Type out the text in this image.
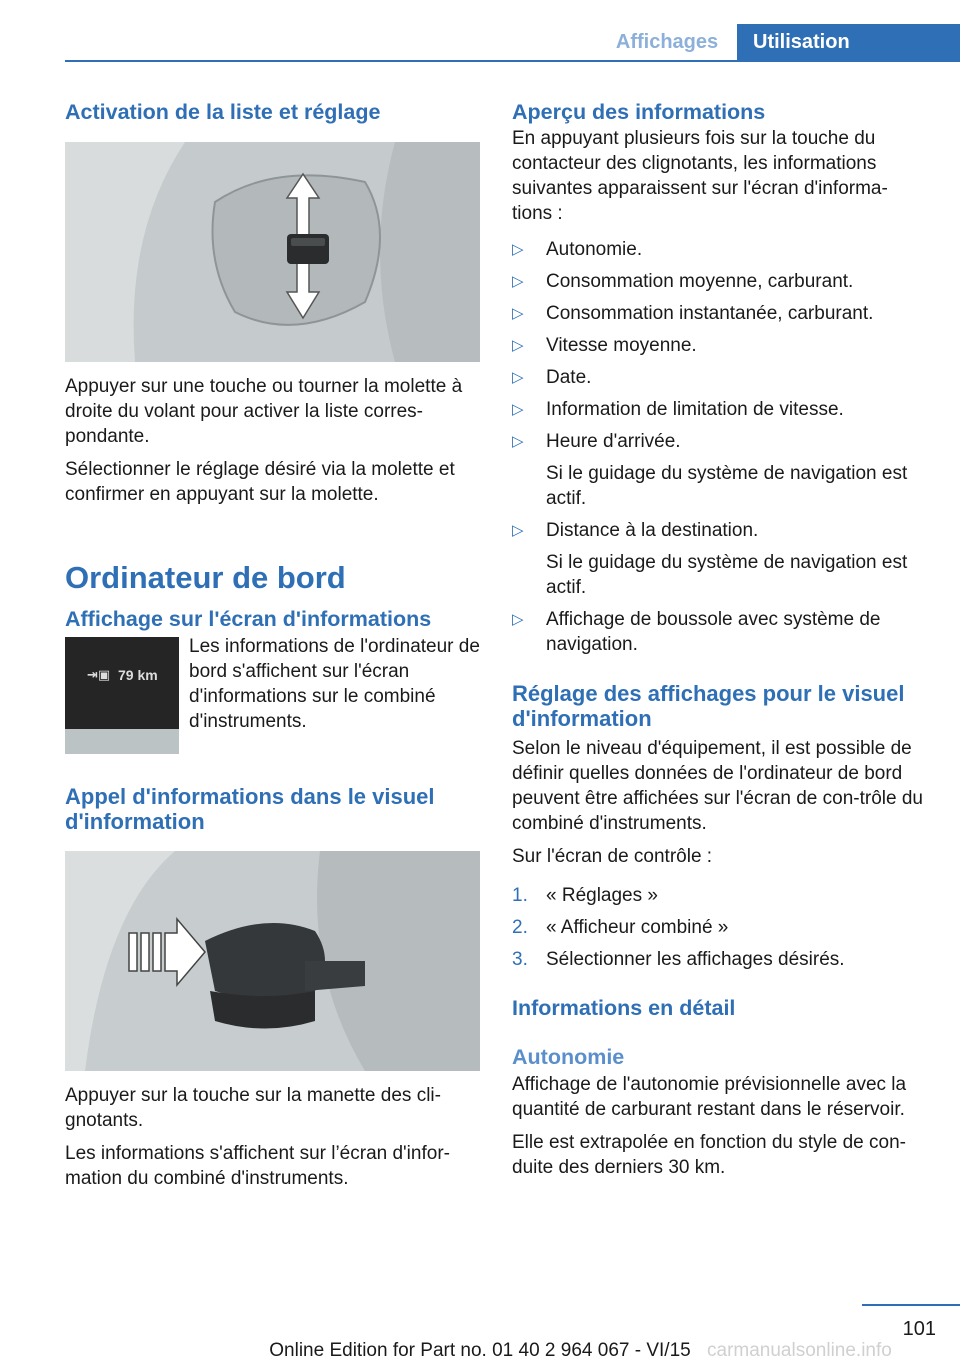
Affichages	Utilisation
Activation de la liste et réglage

Appuyer sur une touche ou tourner la molette à droite du volant pour activer la liste corres‐pondante.

Sélectionner le réglage désiré via la molette et confirmer en appuyant sur la molette.

Ordinateur de bord
Affichage sur l'écran d'informations
⇥▣ 79 km

Les informations de l'ordinateur de bord s'affichent sur l'écran d'informations sur le combiné d'instruments.

Appel d'informations dans le visuel d'information

Appuyer sur la touche sur la manette des cli‐gnotants.

Les informations s'affichent sur l’écran d'infor‐mation du combiné d'instruments.

Aperçu des informations

En appuyant plusieurs fois sur la touche du contacteur des clignotants, les informations suivantes apparaissent sur l'écran d'informa‐tions :

▷ Autonomie.
▷ Consommation moyenne, carburant.
▷ Consommation instantanée, carburant.
▷ Vitesse moyenne.
▷ Date.
▷ Information de limitation de vitesse.
▷ Heure d'arrivée.
Si le guidage du système de navigation est actif.
▷ Distance à la destination.
Si le guidage du système de navigation est actif.
▷ Affichage de boussole avec système de navigation.
Réglage des affichages pour le visuel d'information

Selon le niveau d'équipement, il est possible de définir quelles données de l'ordinateur de bord peuvent être affichées sur l'écran de con‐trôle du combiné d'instruments.

Sur l'écran de contrôle :

1. « Réglages »
2. « Afficheur combiné »
3. Sélectionner les affichages désirés.
Informations en détail
Autonomie

Affichage de l'autonomie prévisionnelle avec la quantité de carburant restant dans le réservoir.

Elle est extrapolée en fonction du style de con‐duite des derniers 30 km.

101
Online Edition for Part no. 01 40 2 964 067 - VI/15 carmanualsonline.info
